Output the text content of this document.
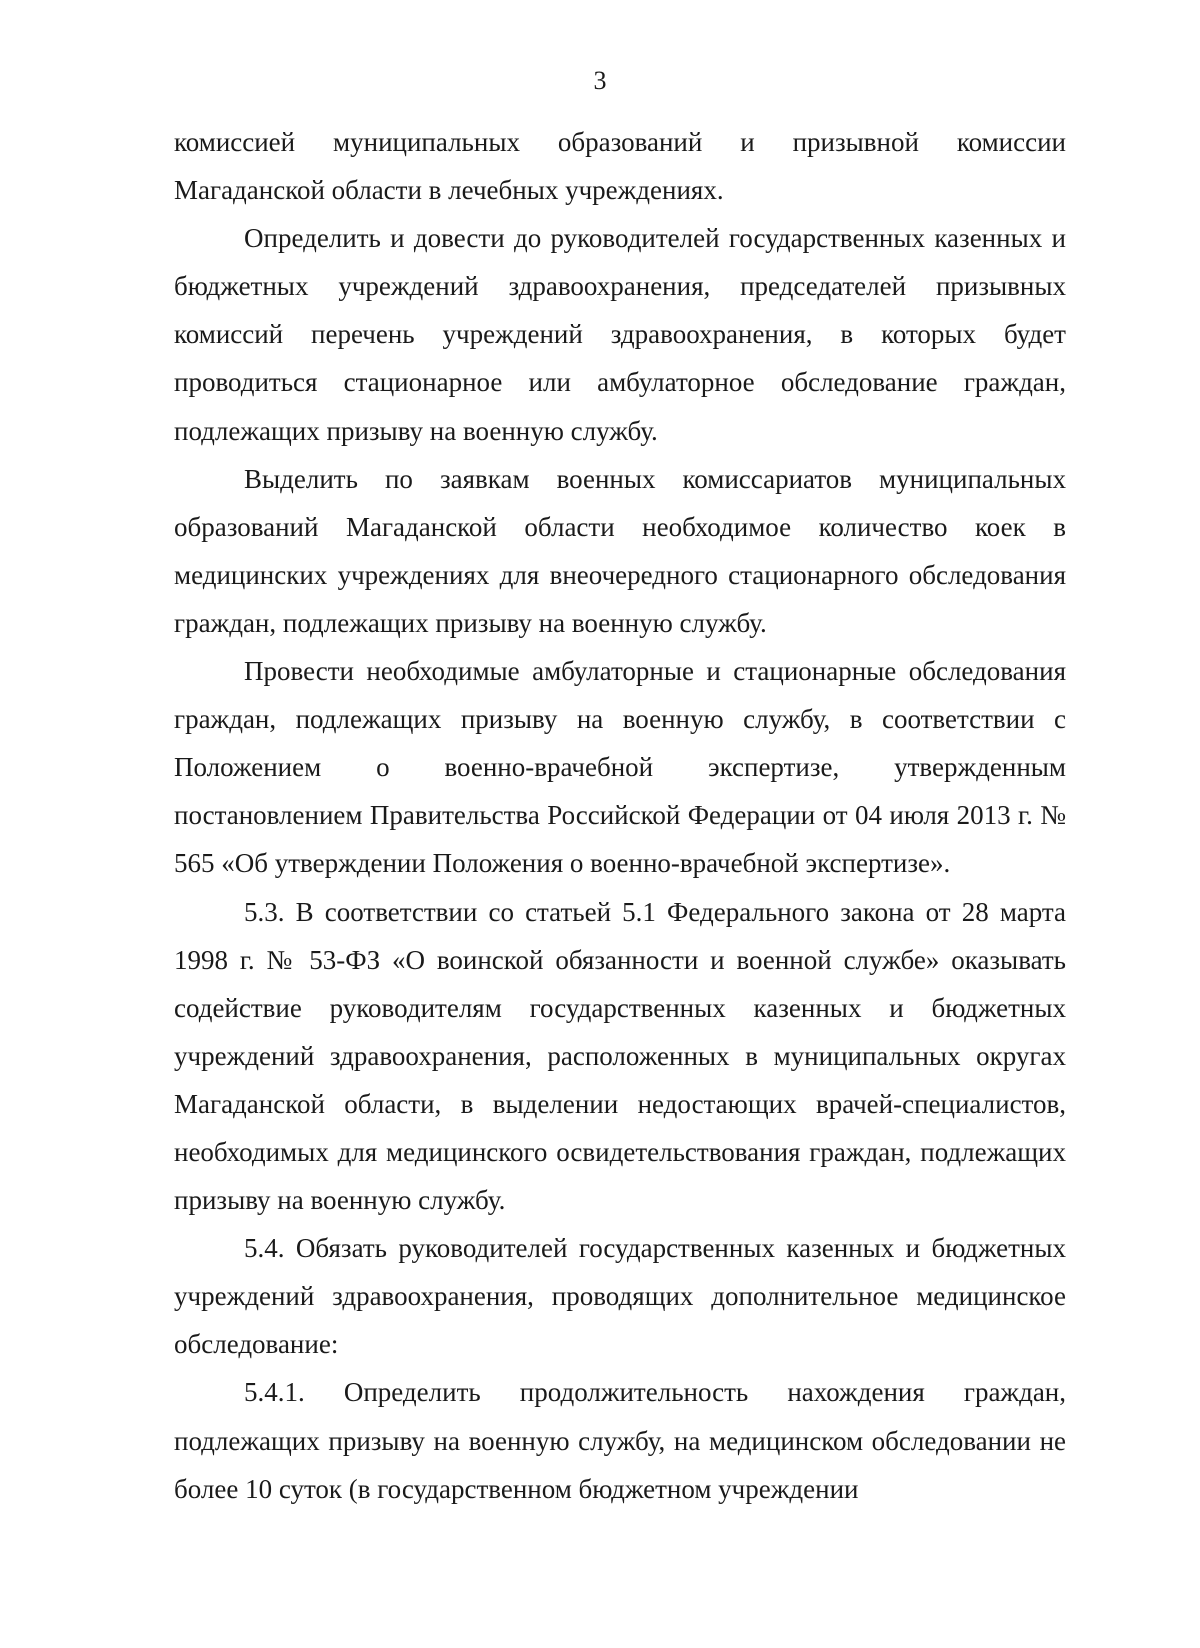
3

комиссией муниципальных образований и призывной комиссии Магаданской области в лечебных учреждениях.

Определить и довести до руководителей государственных казенных и бюджетных учреждений здравоохранения, председателей призывных комиссий перечень учреждений здравоохранения, в которых будет проводиться стационарное или амбулаторное обследование граждан, подлежащих призыву на военную службу.

Выделить по заявкам военных комиссариатов муниципальных образований Магаданской области необходимое количество коек в медицинских учреждениях для внеочередного стационарного обследования граждан, подлежащих призыву на военную службу.

Провести необходимые амбулаторные и стационарные обследования граждан, подлежащих призыву на военную службу, в соответствии с Положением о военно-врачебной экспертизе, утвержденным постановлением Правительства Российской Федерации от 04 июля 2013 г. № 565 «Об утверждении Положения о военно-врачебной экспертизе».

5.3. В соответствии со статьей 5.1 Федерального закона от 28 марта 1998 г. № 53-ФЗ «О воинской обязанности и военной службе» оказывать содействие руководителям государственных казенных и бюджетных учреждений здравоохранения, расположенных в муниципальных округах Магаданской области, в выделении недостающих врачей-специалистов, необходимых для медицинского освидетельствования граждан, подлежащих призыву на военную службу.

5.4. Обязать руководителей государственных казенных и бюджетных учреждений здравоохранения, проводящих дополнительное медицинское обследование:

5.4.1. Определить продолжительность нахождения граждан, подлежащих призыву на военную службу, на медицинском обследовании не более 10 суток (в государственном бюджетном учреждении
